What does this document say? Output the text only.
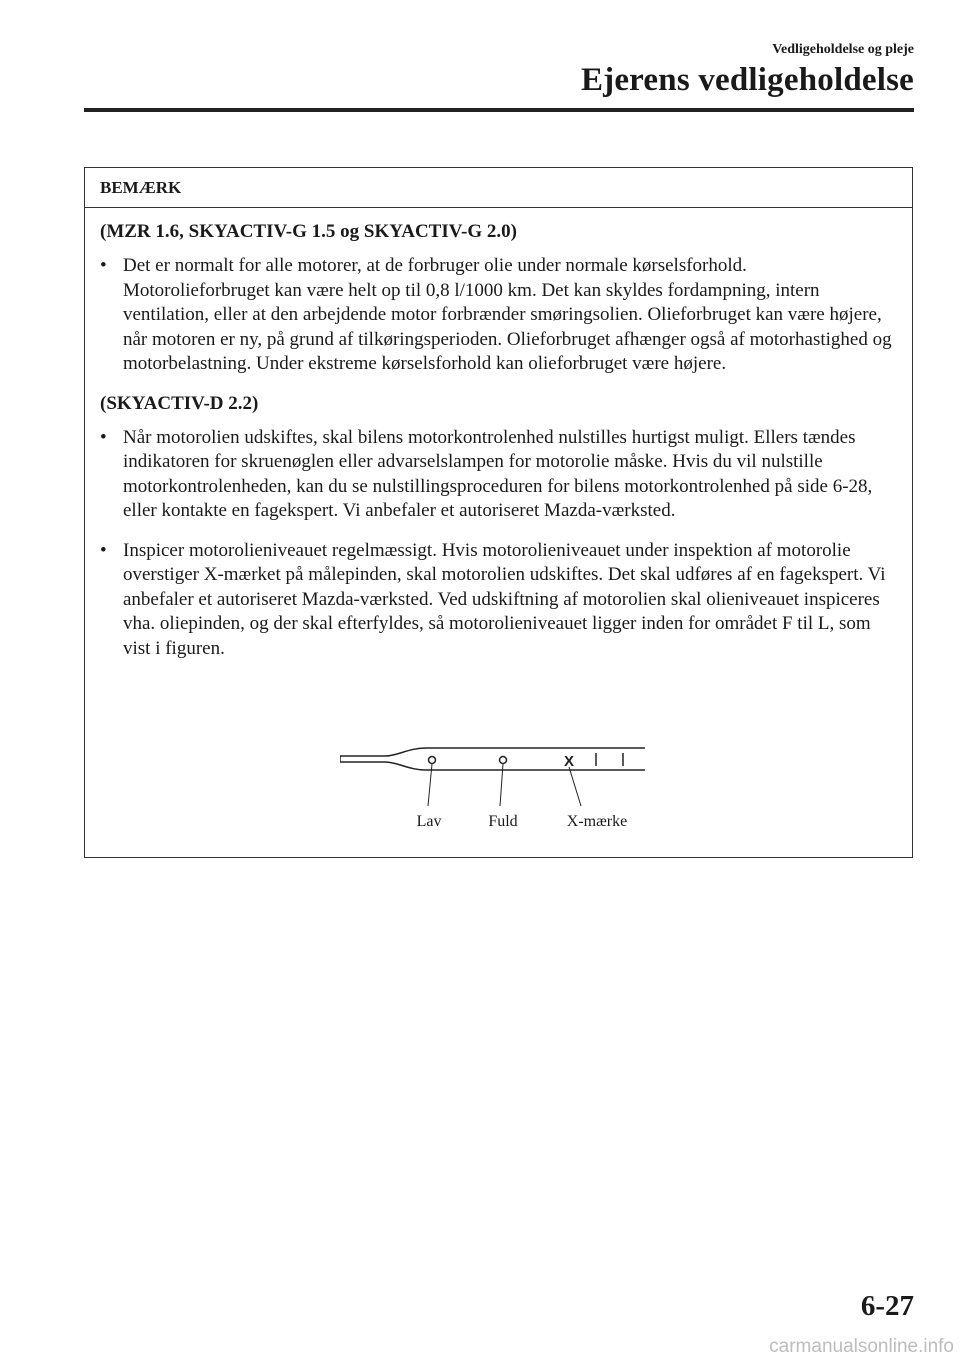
Vedligeholdelse og pleje
Ejerens vedligeholdelse
BEMÆRK
(MZR 1.6, SKYACTIV-G 1.5 og SKYACTIV-G 2.0)
• Det er normalt for alle motorer, at de forbruger olie under normale kørselsforhold. Motorolieforbruget kan være helt op til 0,8 l/1000 km. Det kan skyldes fordampning, intern ventilation, eller at den arbejdende motor forbrænder smøringsolien. Olieforbruget kan være højere, når motoren er ny, på grund af tilkøringsperioden. Olieforbruget afhænger også af motorhastighed og motorbelastning. Under ekstreme kørselsforhold kan olieforbruget være højere.
(SKYACTIV-D 2.2)
• Når motorolien udskiftes, skal bilens motorkontrolenhed nulstilles hurtigst muligt. Ellers tændes indikatoren for skruenøglen eller advarselslampen for motorolie måske. Hvis du vil nulstille motorkontrolenheden, kan du se nulstillingsproceduren for bilens motorkontrolenhed på side 6-28, eller kontakte en fagekspert. Vi anbefaler et autoriseret Mazda-værksted.
• Inspicer motorolieniveauet regelmæssigt. Hvis motorolieniveauet under inspektion af motorolie overstiger X-mærket på målepinden, skal motorolien udskiftes. Det skal udføres af en fagekspert. Vi anbefaler et autoriseret Mazda-værksted. Ved udskiftning af motorolien skal olieniveauet inspiceres vha. oliepinden, og der skal efterfyldes, så motorolieniveauet ligger inden for området F til L, som vist i figuren.
X
Lav	Fuld	X-mærke
6-27
carmanualsonline.info
